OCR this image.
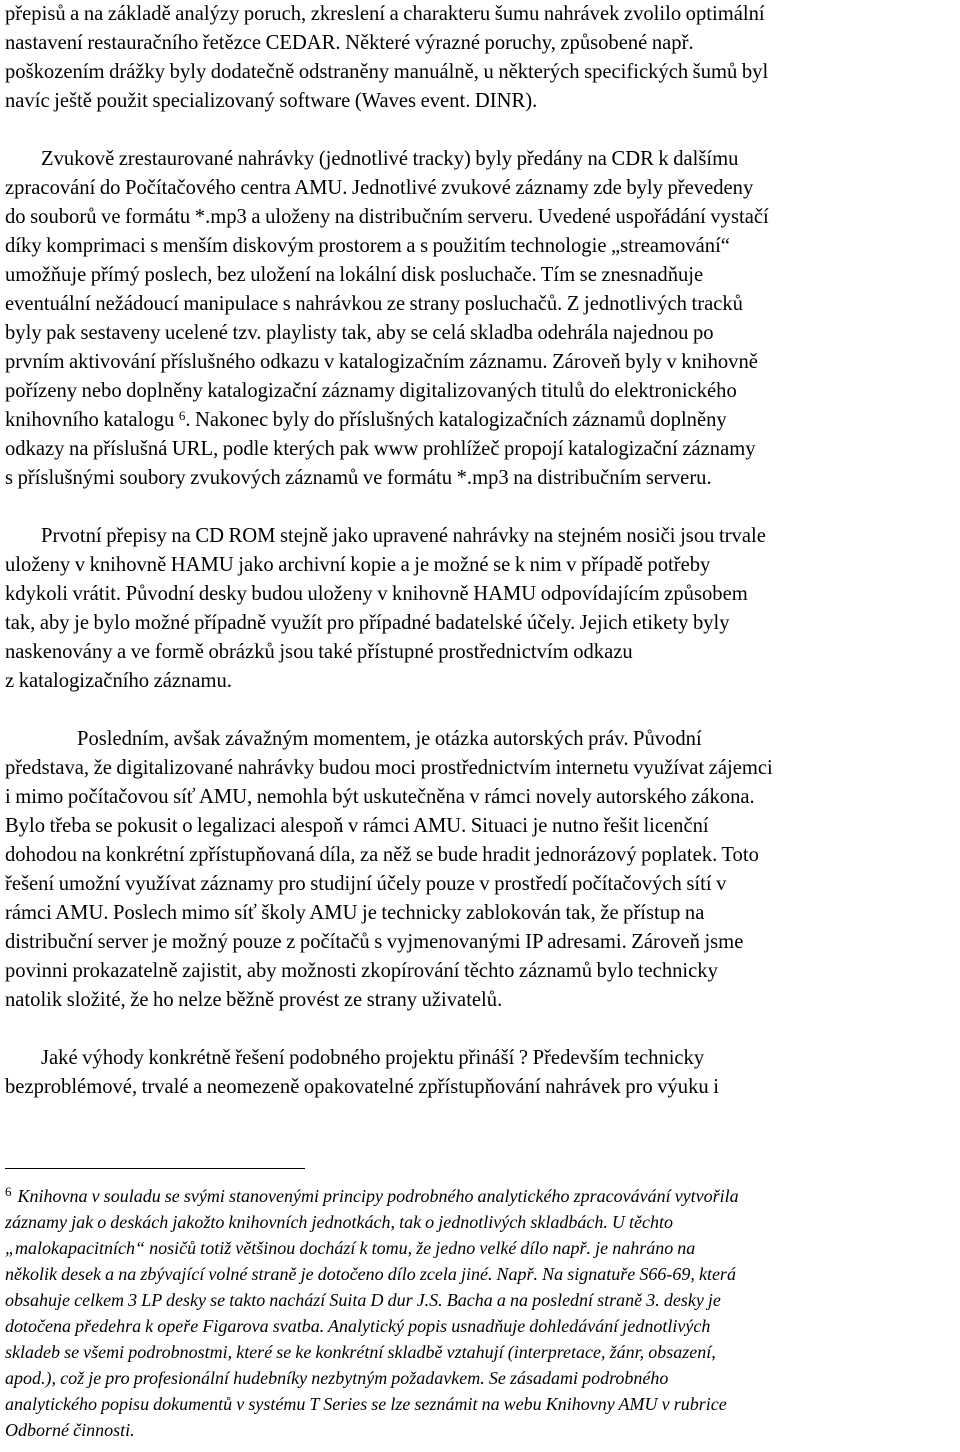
přepisů a na základě analýzy poruch, zkreslení a charakteru šumu nahrávek zvolilo optimální
nastavení restauračního řetězce CEDAR. Některé výrazné poruchy, způsobené např.
poškozením drážky byly dodatečně odstraněny manuálně, u některých specifických šumů byl
navíc ještě použit specializovaný software (Waves event. DINR).

Zvukově zrestaurované nahrávky (jednotlivé tracky) byly předány na CDR k dalšímu
zpracování do Počítačového centra AMU. Jednotlivé zvukové záznamy zde byly převedeny
do souborů ve formátu *.mp3 a uloženy na distribučním serveru. Uvedené uspořádání vystačí
díky komprimaci s menším diskovým prostorem a s použitím technologie „streamování“
umožňuje přímý poslech, bez uložení na lokální disk posluchače. Tím se znesnadňuje
eventuální nežádoucí manipulace s nahrávkou ze strany posluchačů. Z jednotlivých tracků
byly pak sestaveny ucelené tzv. playlisty tak, aby se celá skladba odehrála najednou po
prvním aktivování příslušného odkazu v katalogizačním záznamu. Zároveň byly v knihovně
pořízeny nebo doplněny katalogizační záznamy digitalizovaných titulů do elektronického
knihovního katalogu $^6$. Nakonec byly do příslušných katalogizačních záznamů doplněny
odkazy na příslušná URL, podle kterých pak www prohlížeč propojí katalogizační záznamy
s příslušnými soubory zvukových záznamů ve formátu *.mp3 na distribučním serveru.

Prvotní přepisy na CD ROM stejně jako upravené nahrávky na stejném nosiči jsou trvale
uloženy v knihovně HAMU jako archivní kopie a je možné se k nim v případě potřeby
kdykoli vrátit. Původní desky budou uloženy v knihovně HAMU odpovídajícím způsobem
tak, aby je bylo možné případně využít pro případné badatelské účely. Jejich etikety byly
naskenovány a ve formě obrázků jsou také přístupné prostřednictvím odkazu
z katalogizačního záznamu.

Posledním, avšak závažným momentem, je otázka autorských práv. Původní
představa, že digitalizované nahrávky budou moci prostřednictvím internetu využívat zájemci
i mimo počítačovou síť AMU, nemohla být uskutečněna v rámci novely autorského zákona.
Bylo třeba se pokusit o legalizaci alespoň v rámci AMU. Situaci je nutno řešit licenční
dohodou na konkrétní zpřístupňovaná díla, za něž se bude hradit jednorázový poplatek. Toto
řešení umožní využívat záznamy pro studijní účely pouze v prostředí počítačových sítí v
rámci AMU. Poslech mimo síť školy AMU je technicky zablokován tak, že přístup na
distribuční server je možný pouze z počítačů s vyjmenovanými IP adresami. Zároveň jsme
povinni prokazatelně zajistit, aby možnosti zkopírování těchto záznamů bylo technicky
natolik složité, že ho nelze běžně provést ze strany uživatelů.

Jaké výhody konkrétně řešení podobného projektu přináší ? Především technicky
bezproblémové, trvalé a neomezeně opakovatelné zpřístupňování nahrávek pro výuku i

$^6$ Knihovna v souladu se svými stanovenými principy podrobného analytického zpracovávání vytvořila
záznamy jak o deskách jakožto knihovních jednotkách, tak o jednotlivých skladbách. U těchto
„malokapacitních“ nosičů totiž většinou dochází k tomu, že jedno velké dílo např. je nahráno na
několik desek a na zbývající volné straně je dotočeno dílo zcela jiné. Např. Na signatuře S66-69, která
obsahuje celkem 3 LP desky se takto nachází Suita D dur J.S. Bacha a na poslední straně 3. desky je
dotočena předehra k opeře Figarova svatba. Analytický popis usnadňuje dohledávání jednotlivých
skladeb se všemi podrobnostmi, které se ke konkrétní skladbě vztahují (interpretace, žánr, obsazení,
apod.), což je pro profesionální hudebníky nezbytným požadavkem. Se zásadami podrobného
analytického popisu dokumentů v systému T Series se lze seznámit na webu Knihovny AMU v rubrice
Odborné činnosti.
